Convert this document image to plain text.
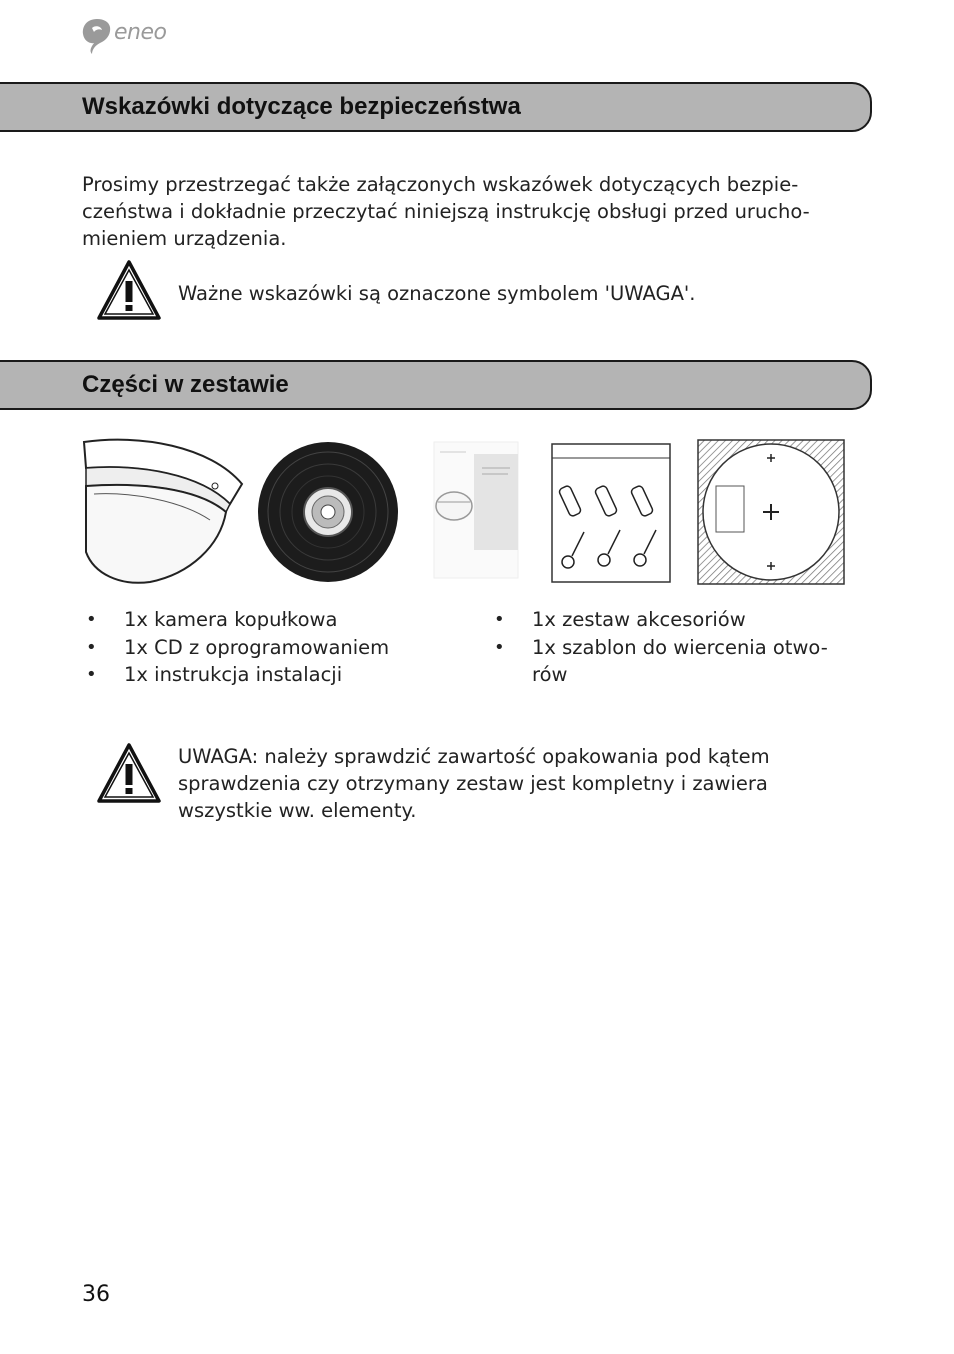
eneo
Wskazówki dotyczące bezpieczeństwa

Prosimy przestrzegać także załączonych wskazówek dotyczących bezpie-
czeństwa i dokładnie przeczytać niniejszą instrukcję obsługi przed urucho-
mieniem urządzenia.

Ważne wskazówki są oznaczone symbolem 'UWAGA'.

Części w zestawie
• 1x kamera kopułkowa
• 1x CD z oprogramowaniem
• 1x instrukcja instalacji
• 1x zestaw akcesoriów
• 1x szablon do wiercenia otwo-
rów

UWAGA: należy sprawdzić zawartość opakowania pod kątem
sprawdzenia czy otrzymany zestaw jest kompletny i zawiera
wszystkie ww. elementy.

36
